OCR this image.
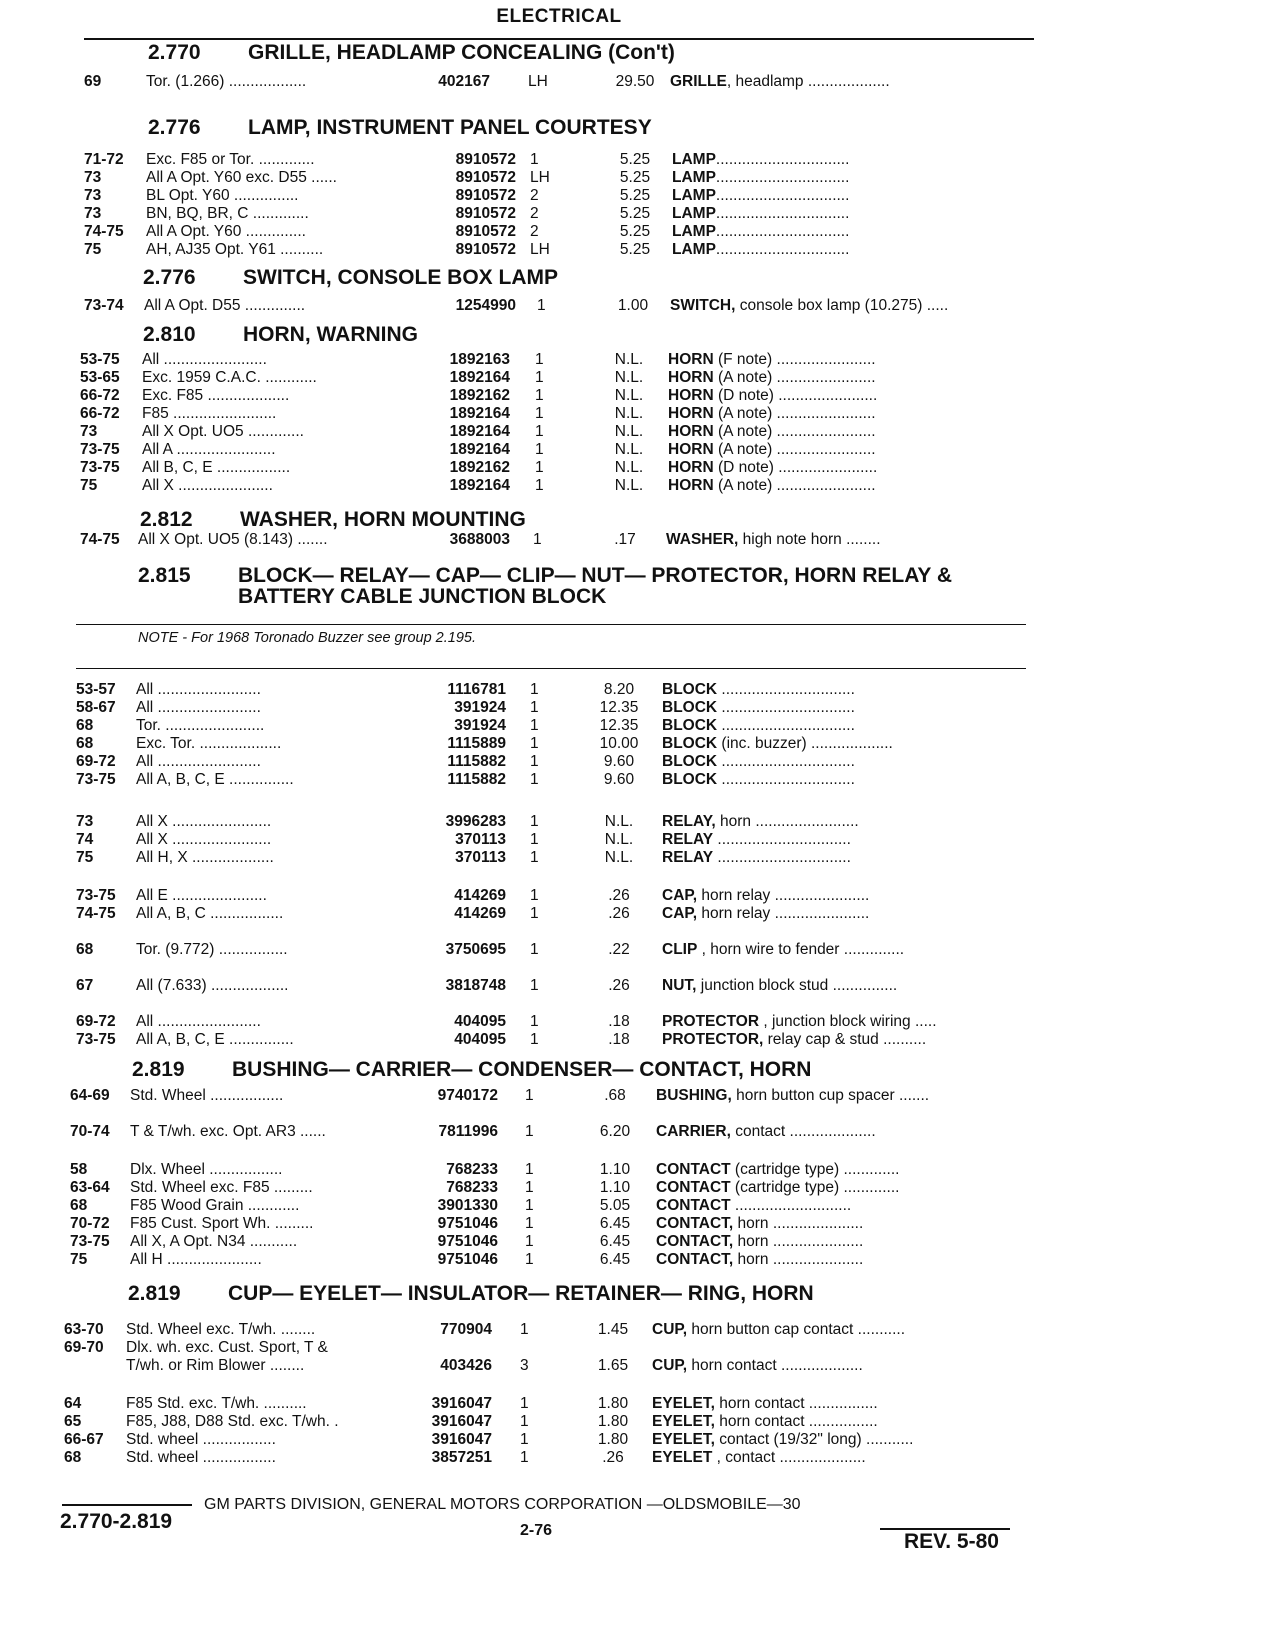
ELECTRICAL
2.770 GRILLE, HEADLAMP CONCEALING (Con't)
2.776 LAMP, INSTRUMENT PANEL COURTESY
2.776 SWITCH, CONSOLE BOX LAMP
2.810 HORN, WARNING
2.812 WASHER, HORN MOUNTING
2.815 BLOCK— RELAY— CAP— CLIP— NUT— PROTECTOR, HORN RELAY & BATTERY CABLE JUNCTION BLOCK
NOTE - For 1968 Toronado Buzzer see group 2.195.
2.819 BUSHING— CARRIER— CONDENSER— CONTACT, HORN
2.819 CUP— EYELET— INSULATOR— RETAINER— RING, HORN
69	Tor. (1.266) ..................	402167 LH	29.50	GRILLE, headlamp ...................
71-72	Exc. F85 or Tor. .............	8910572 1	5.25	LAMP...............................
73	All A Opt. Y60 exc. D55 ......	8910572 LH	5.25	LAMP...............................
73	BL Opt. Y60 ...............	8910572 2	5.25	LAMP...............................
73	BN, BQ, BR, C .............	8910572 2	5.25	LAMP...............................
74-75	All A Opt. Y60 ..............	8910572 2	5.25	LAMP...............................
75	AH, AJ35 Opt. Y61 ..........	8910572 LH	5.25	LAMP...............................
73-74	All A Opt. D55 ..............	1254990 1	1.00	SWITCH, console box lamp (10.275) .....
53-75	All ........................	1892163 1	N.L.	HORN (F note) .......................
53-65	Exc. 1959 C.A.C. ............	1892164 1	N.L.	HORN (A note) .......................
66-72	Exc. F85 ...................	1892162 1	N.L.	HORN (D note) .......................
66-72	F85 ........................	1892164 1	N.L.	HORN (A note) .......................
73	All X Opt. UO5 .............	1892164 1	N.L.	HORN (A note) .......................
73-75	All A .......................	1892164 1	N.L.	HORN (A note) .......................
73-75	All B, C, E .................	1892162 1	N.L.	HORN (D note) .......................
75	All X ......................	1892164 1	N.L.	HORN (A note) .......................
74-75	All X Opt. UO5 (8.143) .......	3688003 1	.17	WASHER, high note horn ........
53-57	All ........................	1116781 1	8.20	BLOCK ...............................
58-67	All ........................	391924 1	12.35	BLOCK ...............................
68	Tor. .......................	391924 1	12.35	BLOCK ...............................
68	Exc. Tor. ...................	1115889 1	10.00	BLOCK (inc. buzzer) ...................
69-72	All ........................	1115882 1	9.60	BLOCK ...............................
73-75	All A, B, C, E ...............	1115882 1	9.60	BLOCK ...............................
73	All X .......................	3996283 1	N.L.	RELAY, horn ........................
74	All X .......................	370113 1	N.L.	RELAY ...............................
75	All H, X ...................	370113 1	N.L.	RELAY ...............................
73-75	All E ......................	414269 1	.26	CAP, horn relay ......................
74-75	All A, B, C .................	414269 1	.26	CAP, horn relay ......................
68	Tor. (9.772) ................	3750695 1	.22	CLIP , horn wire to fender ..............
67	All (7.633) ..................	3818748 1	.26	NUT, junction block stud ...............
69-72	All ........................	404095 1	.18	PROTECTOR , junction block wiring .....
73-75	All A, B, C, E ...............	404095 1	.18	PROTECTOR, relay cap & stud ..........
64-69	Std. Wheel .................	9740172 1	.68	BUSHING, horn button cup spacer .......
70-74	T & T/wh. exc. Opt. AR3 ......	7811996 1	6.20	CARRIER, contact ....................
58	Dlx. Wheel .................	768233 1	1.10	CONTACT (cartridge type) .............
63-64	Std. Wheel exc. F85 .........	768233 1	1.10	CONTACT (cartridge type) .............
68	F85 Wood Grain ............	3901330 1	5.05	CONTACT ...........................
70-72	F85 Cust. Sport Wh. .........	9751046 1	6.45	CONTACT, horn .....................
73-75	All X, A Opt. N34 ...........	9751046 1	6.45	CONTACT, horn .....................
75	All H ......................	9751046 1	6.45	CONTACT, horn .....................
63-70	Std. Wheel exc. T/wh. ........	770904 1	1.45	CUP, horn button cap contact ...........
69-70	Dlx. wh. exc. Cust. Sport, T &
T/wh. or Rim Blower ........	403426 3	1.65	CUP, horn contact ...................
64	F85 Std. exc. T/wh. ..........	3916047 1	1.80	EYELET, horn contact ................
65	F85, J88, D88 Std. exc. T/wh. .	3916047 1	1.80	EYELET, horn contact ................
66-67	Std. wheel .................	3916047 1	1.80	EYELET, contact (19/32" long) ...........
68	Std. wheel .................	3857251 1	.26	EYELET , contact ....................
GM PARTS DIVISION, GENERAL MOTORS CORPORATION —OLDSMOBILE—30
2.770-2.819	2-76	REV. 5-80
